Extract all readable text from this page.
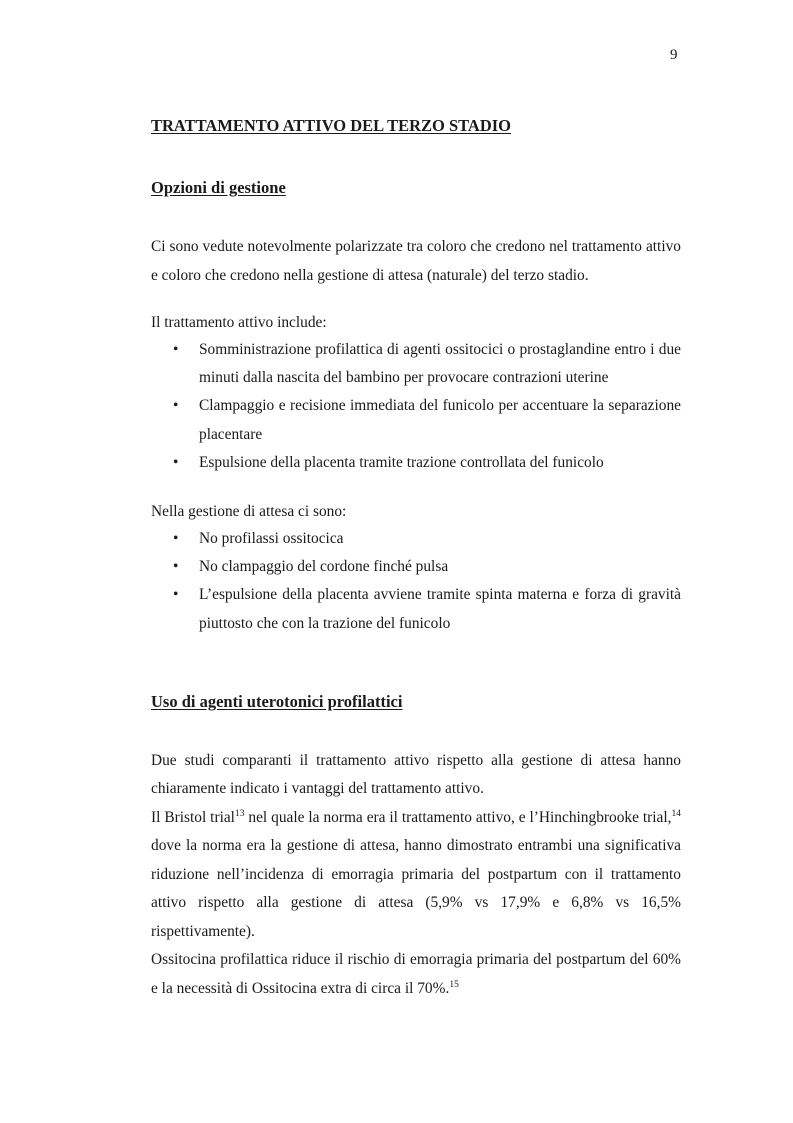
9
TRATTAMENTO ATTIVO DEL TERZO STADIO
Opzioni di gestione

Ci sono vedute notevolmente polarizzate tra coloro che credono nel trattamento attivo e coloro che credono nella gestione di attesa (naturale) del terzo stadio.

Il trattamento attivo include:

• Somministrazione profilattica di agenti ossitocici o prostaglandine entro i due minuti dalla nascita del bambino per provocare contrazioni uterine
• Clampaggio e recisione immediata del funicolo per accentuare la separazione placentare
• Espulsione della placenta tramite trazione controllata del funicolo

Nella gestione di attesa ci sono:

• No profilassi ossitocica
• No clampaggio del cordone finché pulsa
• L’espulsione della placenta avviene tramite spinta materna e forza di gravità piuttosto che con la trazione del funicolo
Uso di agenti uterotonici profilattici

Due studi comparanti il trattamento attivo rispetto alla gestione di attesa hanno chiaramente indicato i vantaggi del trattamento attivo.

Il Bristol trial$^{13}$ nel quale la norma era il trattamento attivo, e l’Hinchingbrooke trial,$^{14}$ dove la norma era la gestione di attesa, hanno dimostrato entrambi una significativa riduzione nell’incidenza di emorragia primaria del postpartum con il trattamento attivo rispetto alla gestione di attesa (5,9% vs 17,9% e 6,8% vs 16,5% rispettivamente).

Ossitocina profilattica riduce il rischio di emorragia primaria del postpartum del 60% e la necessità di Ossitocina extra di circa il 70%.$^{15}$
